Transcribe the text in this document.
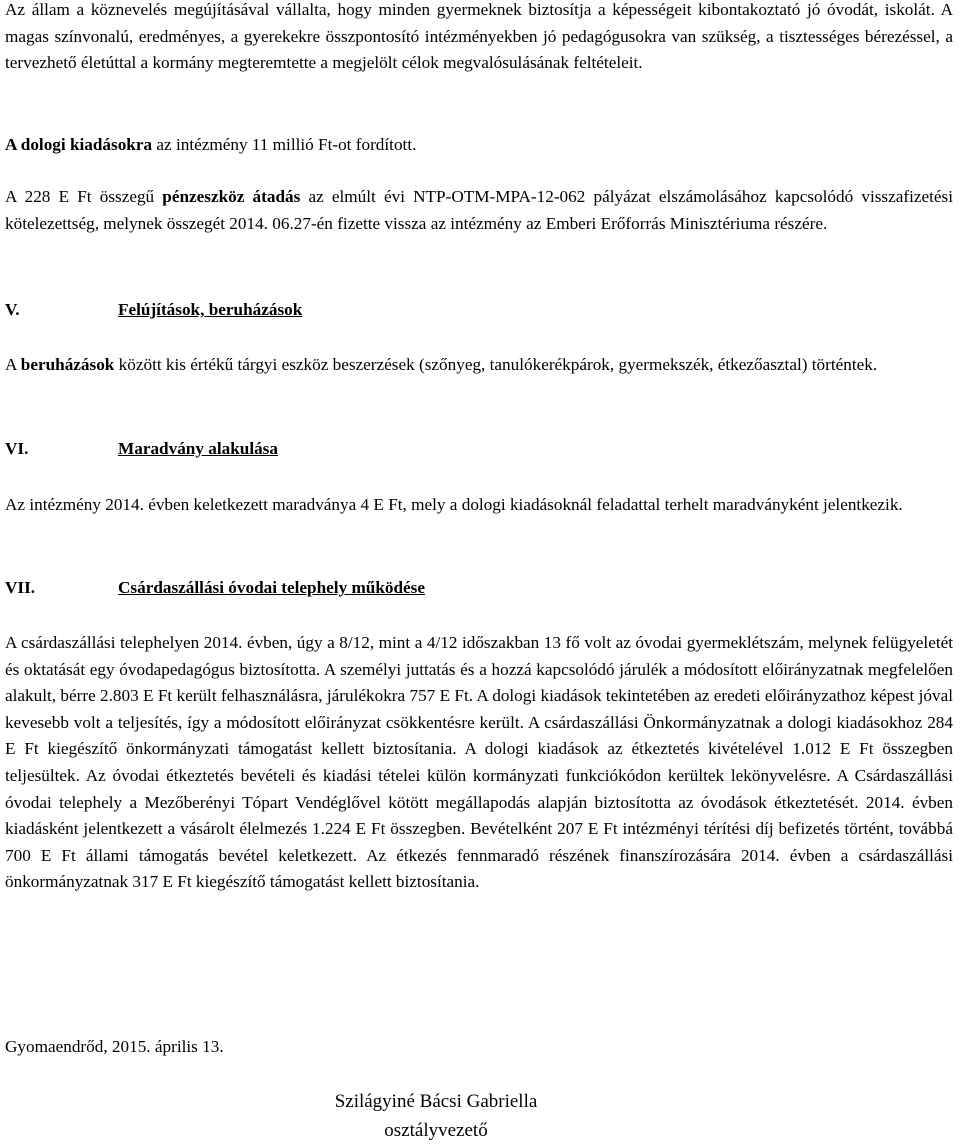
Az állam a köznevelés megújításával vállalta, hogy minden gyermeknek biztosítja a képességeit kibontakoztató jó óvodát, iskolát. A magas színvonalú, eredményes, a gyerekekre összpontosító intézményekben jó pedagógusokra van szükség, a tisztességes bérezéssel, a tervezhető életúttal a kormány megteremtette a megjelölt célok megvalósulásának feltételeit.

A dologi kiadásokra az intézmény 11 millió Ft-ot fordított.

A 228 E Ft összegű pénzeszköz átadás az elmúlt évi NTP-OTM-MPA-12-062 pályázat elszámolásához kapcsolódó visszafizetési kötelezettség, melynek összegét 2014. 06.27-én fizette vissza az intézmény az Emberi Erőforrás Minisztériuma részére.

V.	Felújítások, beruházások

A beruházások között kis értékű tárgyi eszköz beszerzések (szőnyeg, tanulókerékpárok, gyermekszék, étkezőasztal) történtek.

VI.	Maradvány alakulása

Az intézmény 2014. évben keletkezett maradványa 4 E Ft, mely a dologi kiadásoknál feladattal terhelt maradványként jelentkezik.

VII.	Csárdaszállási óvodai telephely működése

A csárdaszállási telephelyen 2014. évben, úgy a 8/12, mint a 4/12 időszakban 13 fő volt az óvodai gyermeklétszám, melynek felügyeletét és oktatását egy óvodapedagógus biztosította. A személyi juttatás és a hozzá kapcsolódó járulék a módosított előirányzatnak megfelelően alakult, bérre 2.803 E Ft került felhasználásra, járulékokra 757 E Ft. A dologi kiadások tekintetében az eredeti előirányzathoz képest jóval kevesebb volt a teljesítés, így a módosított előirányzat csökkentésre került. A csárdaszállási Önkormányzatnak a dologi kiadásokhoz 284 E Ft kiegészítő önkormányzati támogatást kellett biztosítania. A dologi kiadások az étkeztetés kivételével 1.012 E Ft összegben teljesültek. Az óvodai étkeztetés bevételi és kiadási tételei külön kormányzati funkciókódon kerültek lekönyvelésre. A Csárdaszállási óvodai telephely a Mezőberényi Tópart Vendéglővel kötött megállapodás alapján biztosította az óvodások étkeztetését. 2014. évben kiadásként jelentkezett a vásárolt élelmezés 1.224 E Ft összegben. Bevételként 207 E Ft intézményi térítési díj befizetés történt, továbbá 700 E Ft állami támogatás bevétel keletkezett. Az étkezés fennmaradó részének finanszírozására 2014. évben a csárdaszállási önkormányzatnak 317 E Ft kiegészítő támogatást kellett biztosítania.

Gyomaendrőd, 2015. április 13.

Szilágyiné Bácsi Gabriella
osztályvezető
